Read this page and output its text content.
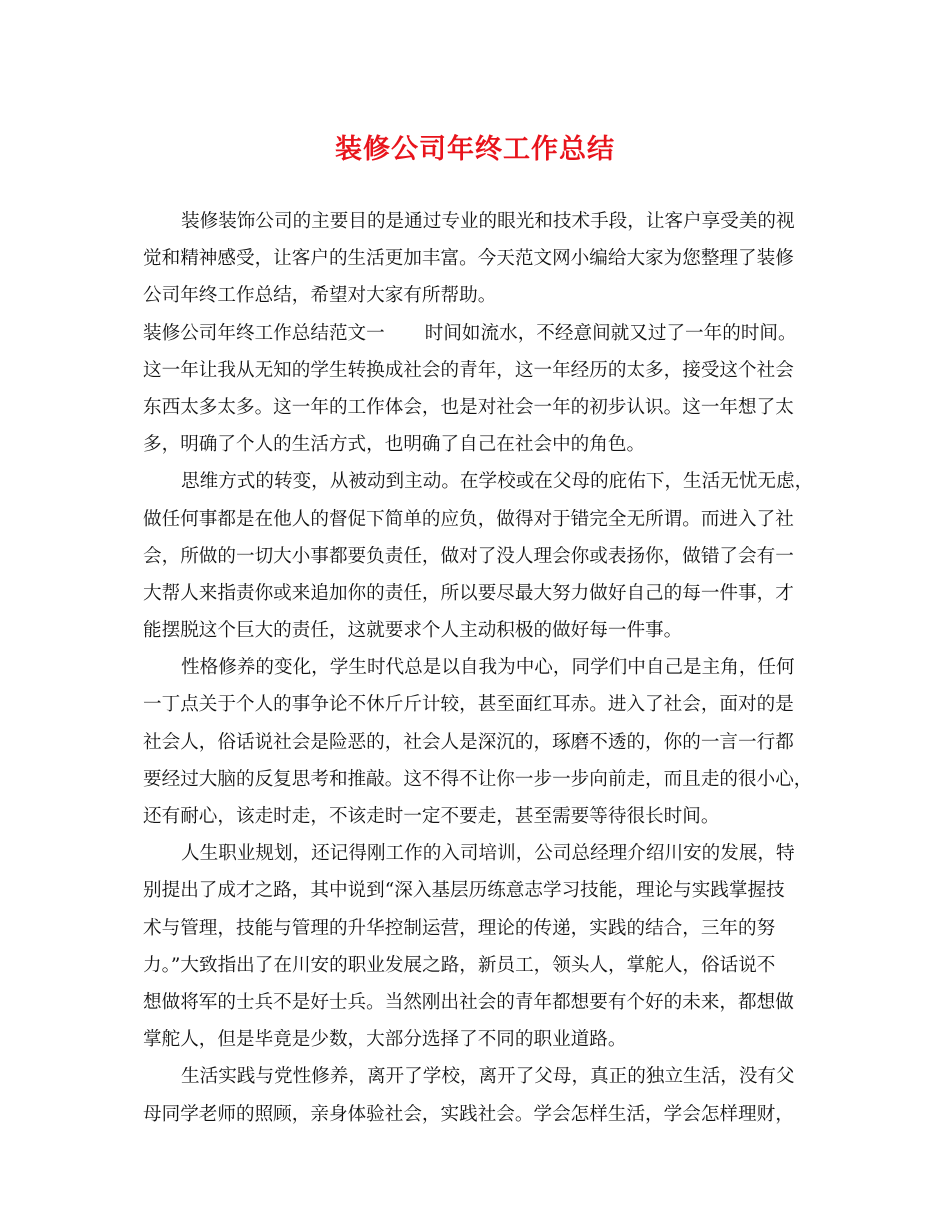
装修公司年终工作总结
装修装饰公司的主要目的是通过专业的眼光和技术手段，让客户享受美的视
觉和精神感受，让客户的生活更加丰富。今天范文网小编给大家为您整理了装修
公司年终工作总结，希望对大家有所帮助。
装修公司年终工作总结范文一 时间如流水，不经意间就又过了一年的时间。
这一年让我从无知的学生转换成社会的青年，这一年经历的太多，接受这个社会
东西太多太多。这一年的工作体会，也是对社会一年的初步认识。这一年想了太
多，明确了个人的生活方式，也明确了自己在社会中的角色。
思维方式的转变，从被动到主动。在学校或在父母的庇佑下，生活无忧无虑，
做任何事都是在他人的督促下简单的应负，做得对于错完全无所谓。而进入了社
会，所做的一切大小事都要负责任，做对了没人理会你或表扬你，做错了会有一
大帮人来指责你或来追加你的责任，所以要尽最大努力做好自己的每一件事，才
能摆脱这个巨大的责任，这就要求个人主动积极的做好每一件事。
性格修养的变化，学生时代总是以自我为中心，同学们中自己是主角，任何
一丁点关于个人的事争论不休斤斤计较，甚至面红耳赤。进入了社会，面对的是
社会人，俗话说社会是险恶的，社会人是深沉的，琢磨不透的，你的一言一行都
要经过大脑的反复思考和推敲。这不得不让你一步一步向前走，而且走的很小心，
还有耐心，该走时走，不该走时一定不要走，甚至需要等待很长时间。
人生职业规划，还记得刚工作的入司培训，公司总经理介绍川安的发展，特
别提出了成才之路，其中说到“深入基层历练意志学习技能，理论与实践掌握技
术与管理，技能与管理的升华控制运营，理论的传递，实践的结合，三年的努
力。”大致指出了在川安的职业发展之路，新员工，领头人，掌舵人，俗话说不
想做将军的士兵不是好士兵。当然刚出社会的青年都想要有个好的未来，都想做
掌舵人，但是毕竟是少数，大部分选择了不同的职业道路。
生活实践与党性修养，离开了学校，离开了父母，真正的独立生活，没有父
母同学老师的照顾，亲身体验社会，实践社会。学会怎样生活，学会怎样理财，
